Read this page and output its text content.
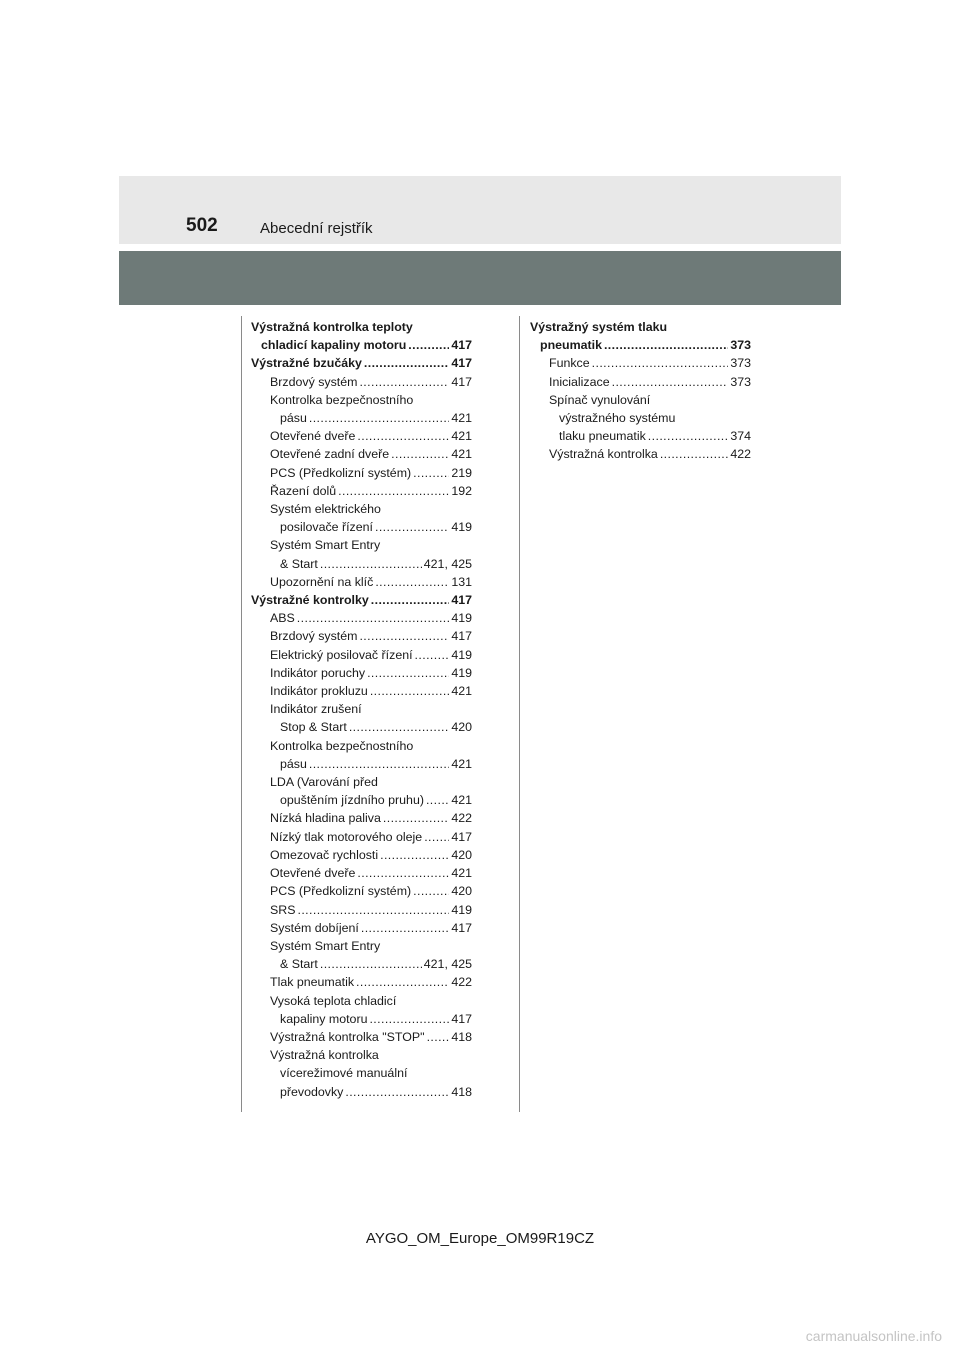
502	Abecední rejstřík
Výstražná kontrolka teploty
chladicí kapaliny motoru .....	417
Výstražné bzučáky .....	417
Brzdový systém .....	417
Kontrolka bezpečnostního
pásu .....	421
Otevřené dveře .....	421
Otevřené zadní dveře .....	421
PCS (Předkolizní systém) .....	219
Řazení dolů .....	192
Systém elektrického
posilovače řízení .....	419
Systém Smart Entry
& Start .....	421, 425
Upozornění na klíč .....	131
Výstražné kontrolky .....	417
ABS .....	419
Brzdový systém .....	417
Elektrický posilovač řízení .....	419
Indikátor poruchy .....	419
Indikátor prokluzu .....	421
Indikátor zrušení
Stop & Start .....	420
Kontrolka bezpečnostního
pásu .....	421
LDA (Varování před
opuštěním jízdního pruhu) ..... 421
Nízká hladina paliva .....	422
Nízký tlak motorového oleje ..... 417
Omezovač rychlosti .....	420
Otevřené dveře .....	421
PCS (Předkolizní systém) .....	420
SRS .....	419
Systém dobíjení .....	417
Systém Smart Entry
& Start .....	421, 425
Tlak pneumatik .....	422
Vysoká teplota chladicí
kapaliny motoru .....	417
Výstražná kontrolka "STOP" ..... 418
Výstražná kontrolka
vícerežimové manuální
převodovky .....	418
Výstražný systém tlaku
pneumatik .....	373
Funkce .....	373
Inicializace .....	373
Spínač vynulování
výstražného systému
tlaku pneumatik .....	374
Výstražná kontrolka .....	422
AYGO_OM_Europe_OM99R19CZ
carmanualsonline.info
